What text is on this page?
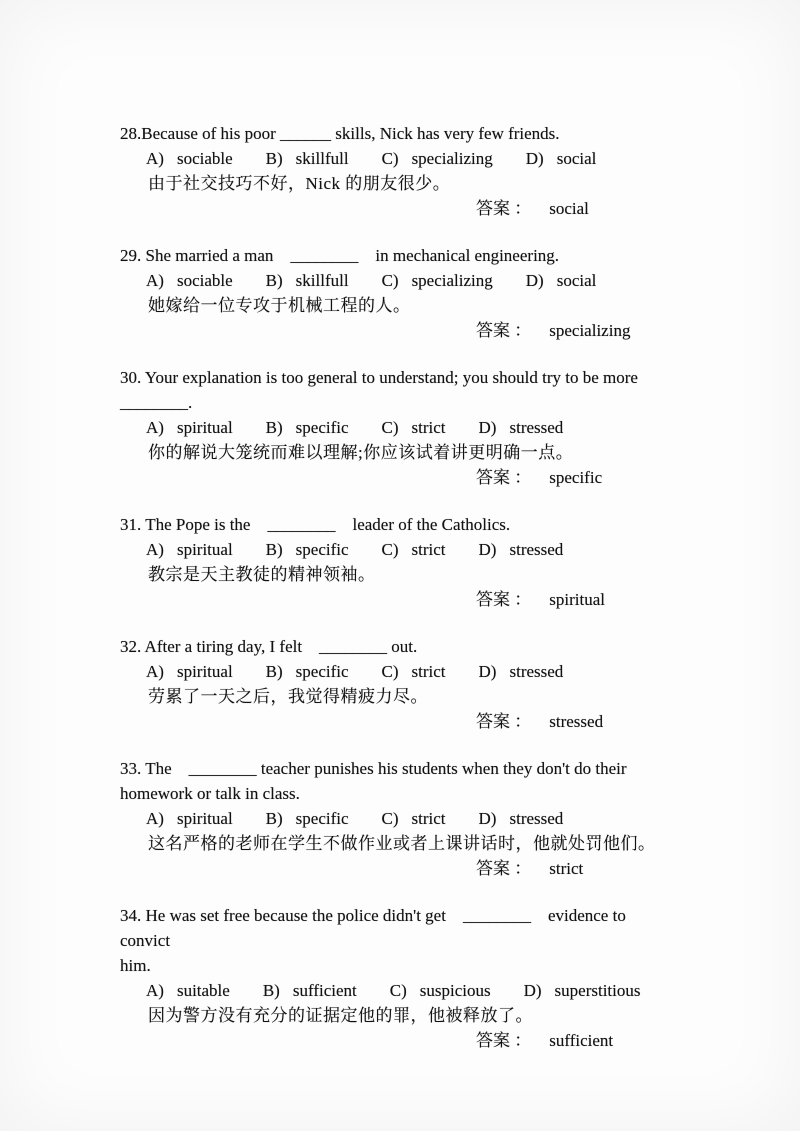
28.Because of his poor ______ skills, Nick has very few friends.
A) sociable B) skillfull C) specializing D) social
由于社交技巧不好，Nick 的朋友很少。
答案 ： social
29. She married a man    ________    in mechanical engineering.
A) sociable B) skillfull C) specializing D) social
她嫁给一位专攻于机械工程的人。
答案 ： specializing
30. Your explanation is too general to understand; you should try to be more
________.
A) spiritual B) specific C) strict D) stressed
你的解说大笼统而难以理解;你应该试着讲更明确一点。
答案 ： specific
31. The Pope is the    ________    leader of the Catholics.
A) spiritual B) specific C) strict D) stressed
教宗是天主教徒的精神领袖。
答案 ： spiritual
32. After a tiring day, I felt    ________ out.
A) spiritual B) specific C) strict D) stressed
劳累了一天之后，我觉得精疲力尽。
答案 ： stressed
33. The    ________ teacher punishes his students when they don't do their
homework or talk in class.
A) spiritual B) specific C) strict D) stressed
这名严格的老师在学生不做作业或者上课讲话时，他就处罚他们。
答案 ： strict
34. He was set free because the police didn't get    ________    evidence to convict
him.
A) suitable B) sufficient C) suspicious D) superstitious
因为警方没有充分的证据定他的罪，他被释放了。
答案 ： sufficient
